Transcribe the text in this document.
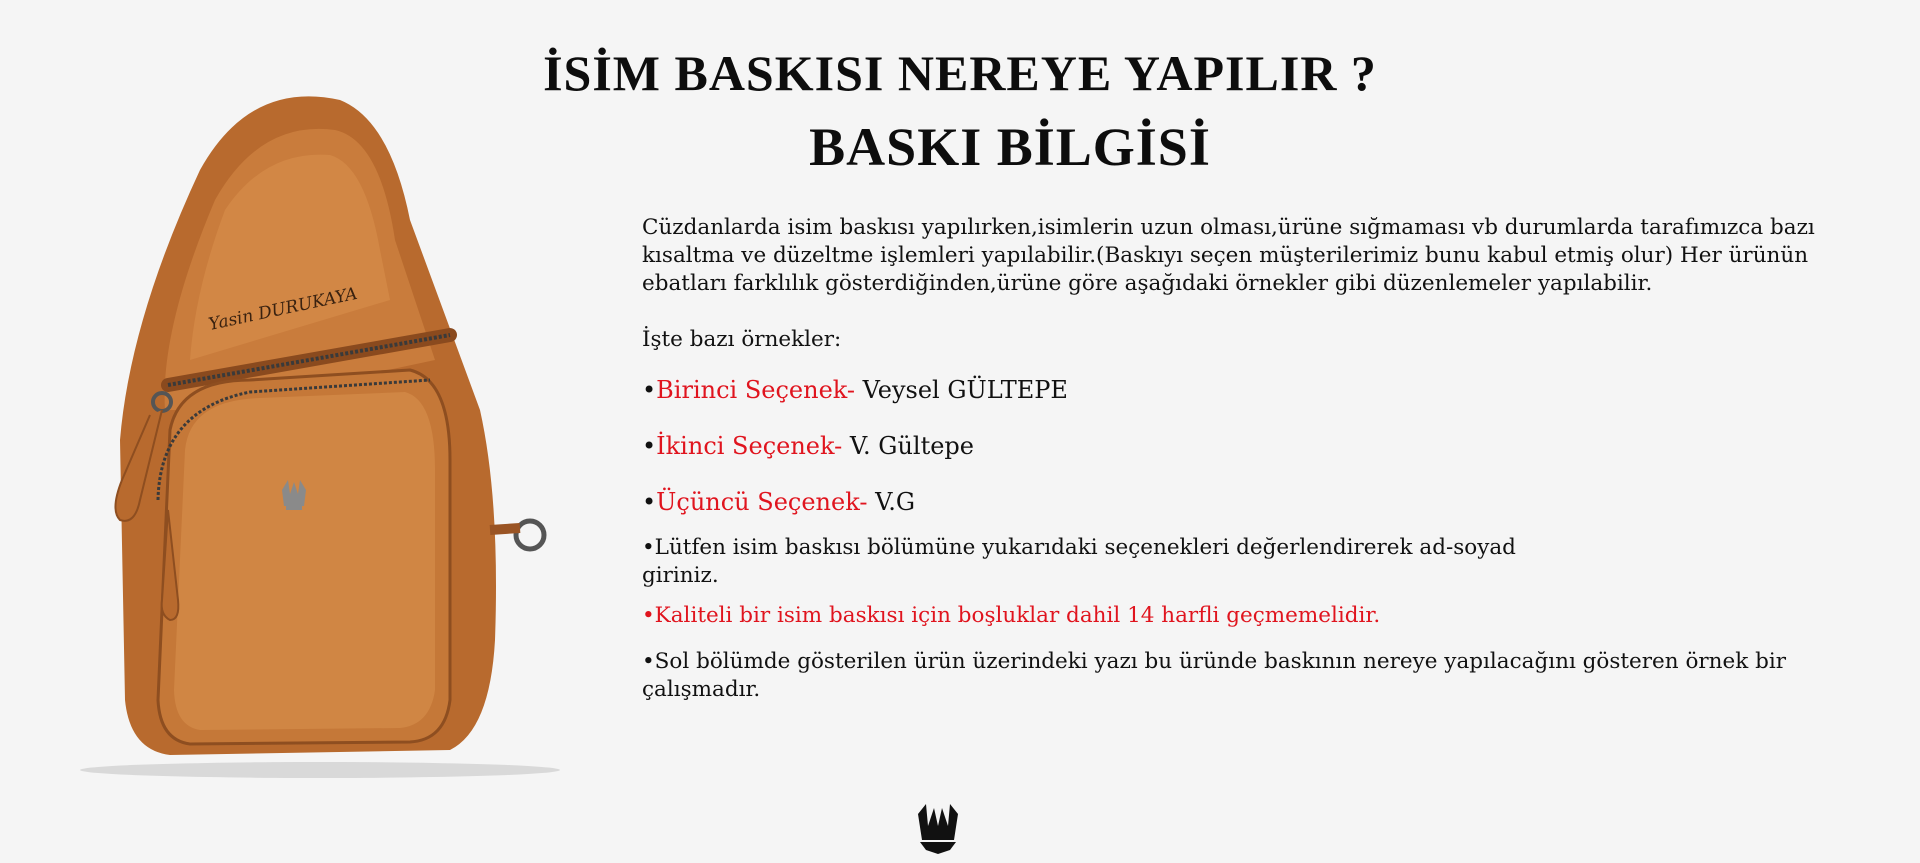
İSİM BASKISI NEREYE YAPILIR ?
BASKI BİLGİSİ
Yasin DURUKAYA

Cüzdanlarda isim baskısı yapılırken,isimlerin uzun olması,ürüne sığmaması vb durumlarda tarafımızca bazı kısaltma ve düzeltme işlemleri yapılabilir.(Baskıyı seçen müşterilerimiz bunu kabul etmiş olur) Her ürünün ebatları farklılık gösterdiğinden,ürüne göre aşağıdaki örnekler gibi düzenlemeler yapılabilir.

İşte bazı örnekler:

•Birinci Seçenek- Veysel GÜLTEPE

•İkinci Seçenek- V. Gültepe

•Üçüncü Seçenek- V.G

•Lütfen isim baskısı bölümüne yukarıdaki seçenekleri değerlendirerek ad-soyad giriniz.

•Kaliteli bir isim baskısı için boşluklar dahil 14 harfli geçmemelidir.

•Sol bölümde gösterilen ürün üzerindeki yazı bu üründe baskının nereye yapılacağını gösteren örnek bir çalışmadır.
